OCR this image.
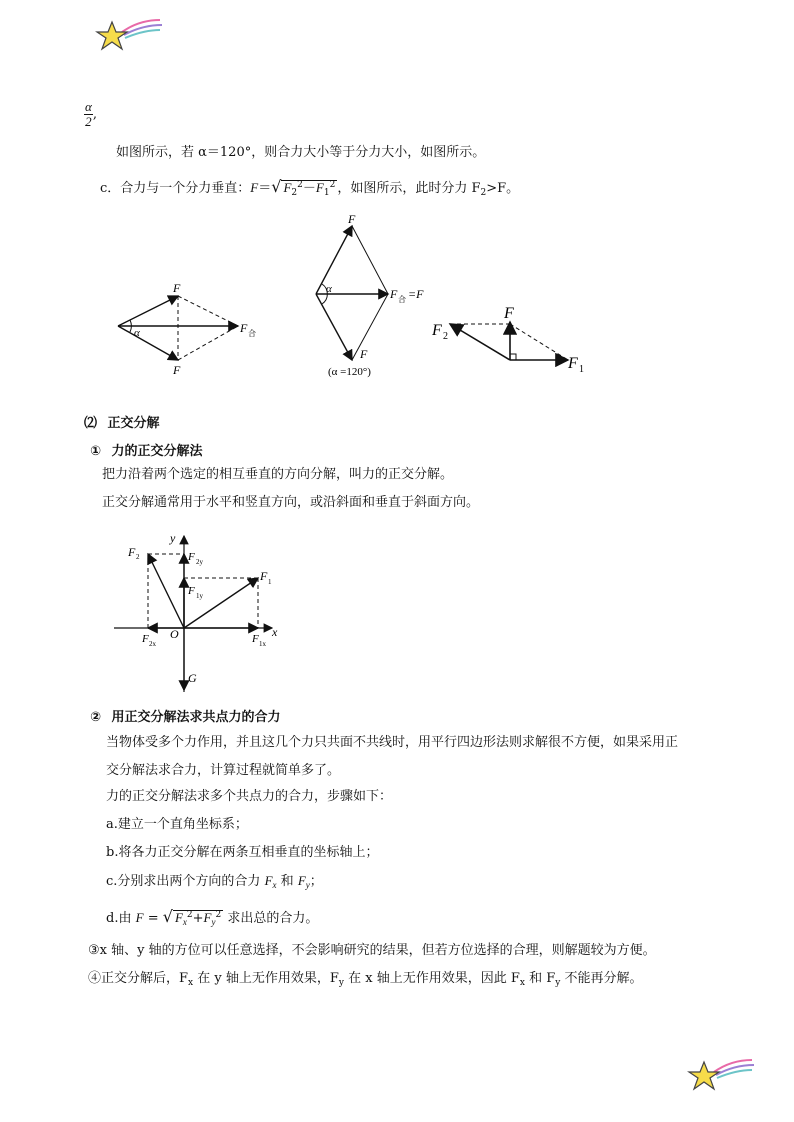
$\frac{\alpha}{2}$ ,
如图所示，若 α＝120°，则合力大小等于分力大小，如图所示。
c．合力与一个分力垂直：F＝√ $F_2^2-F_1^2$ ，如图所示，此时分力 $F_2>F$。
F
F
α	F 合
F
F
α	F 合 =F
(α =120°)
F
F 2
F 1
⑵ 正交分解
① 力的正交分解法
把力沿着两个选定的相互垂直的方向分解，叫力的正交分解。
正交分解通常用于水平和竖直方向，或沿斜面和垂直于斜面方向。
y
x
O
G
F 2	F 2y
F 1
F 1y
F 2x	F 1x
② 用正交分解法求共点力的合力
当物体受多个力作用，并且这几个力只共面不共线时，用平行四边形法则求解很不方便，如果采用正
交分解法求合力，计算过程就简单多了。
力的正交分解法求多个共点力的合力，步骤如下：
a.建立一个直角坐标系；
b.将各力正交分解在两条互相垂直的坐标轴上；
c.分别求出两个方向的合力 $F_x$ 和 $F_y$；
d.由 F = √ $F_x^2+F_y^2$ 求出总的合力。
③x 轴、y 轴的方位可以任意选择，不会影响研究的结果，但若方位选择的合理，则解题较为方便。
④正交分解后，$F_x$ 在 y 轴上无作用效果，$F_y$ 在 x 轴上无作用效果，因此 $F_x$ 和 $F_y$ 不能再分解。
